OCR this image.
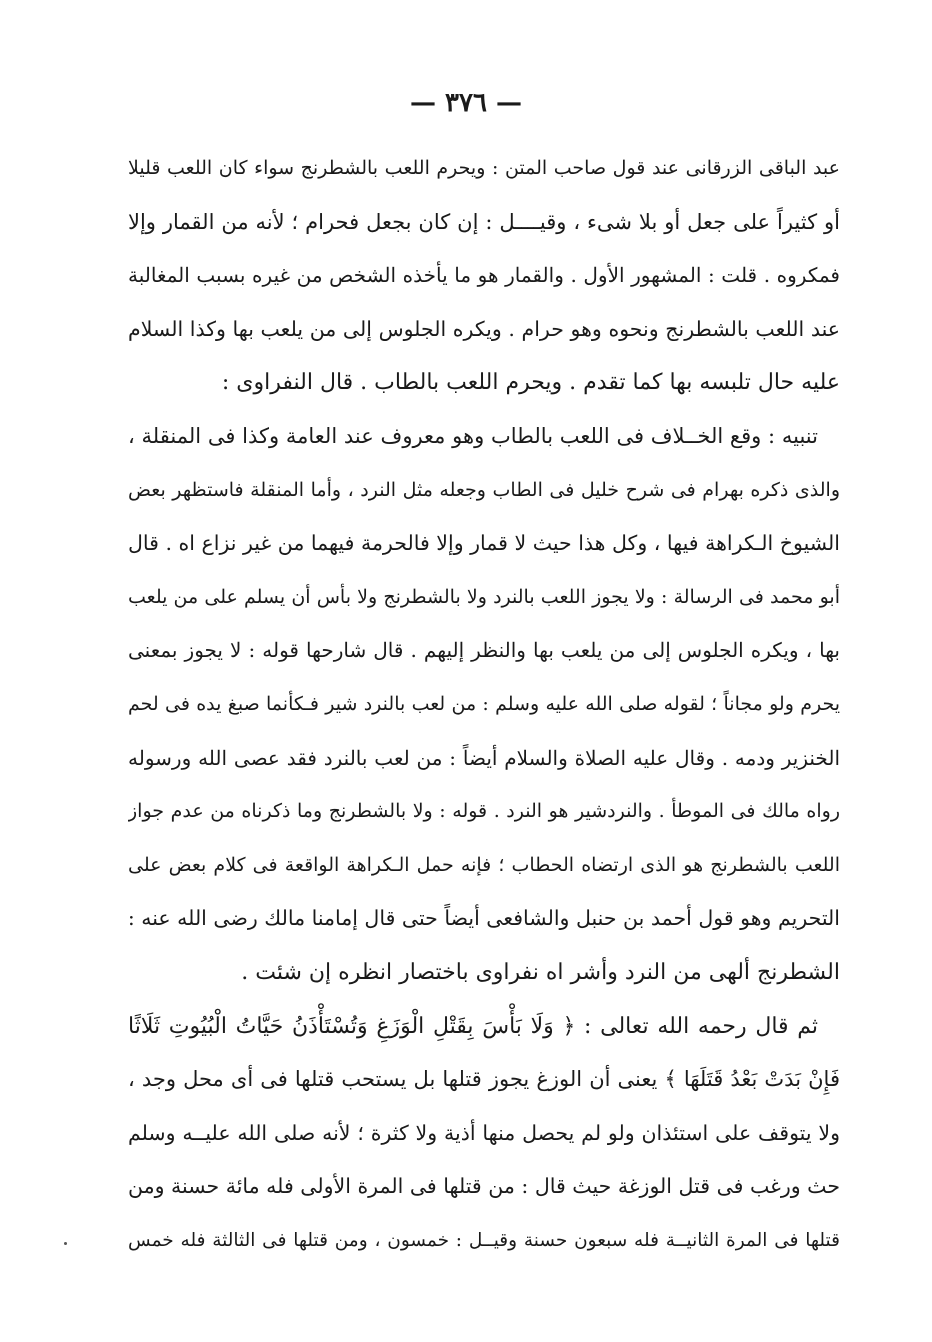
— ٣٧٦ —
عبد الباقى الزرقانى عند قول صاحب المتن : ويحرم اللعب بالشطرنج سواء كان اللعب قليلا
أو كثيراً على جعل أو بلا شىء ، وقيــــل : إن كان بجعل فحرام ؛ لأنه من القمار وإلا
فمكروه . قلت : المشهور الأول . والقمار هو ما يأخذه الشخص من غيره بسبب المغالبة
عند اللعب بالشطرنج ونحوه وهو حرام . ويكره الجلوس إلى من يلعب بها وكذا السلام
عليه حال تلبسه بها كما تقدم . ويحرم اللعب بالطاب . قال النفراوى :
تنبيه : وقع الخــلاف فى اللعب بالطاب وهو معروف عند العامة وكذا فى المنقلة ،
والذى ذكره بهرام فى شرح خليل فى الطاب وجعله مثل النرد ، وأما المنقلة فاستظهر بعض
الشيوخ الـكراهة فيها ، وكل هذا حيث لا قمار وإلا فالحرمة فيهما من غير نزاع اه . قال
أبو محمد فى الرسالة : ولا يجوز اللعب بالنرد ولا بالشطرنج ولا بأس أن يسلم على من يلعب
بها ، ويكره الجلوس إلى من يلعب بها والنظر إليهم . قال شارحها قوله : لا يجوز بمعنى
يحرم ولو مجاناً ؛ لقوله صلى الله عليه وسلم : من لعب بالنرد شير فـكأنما صبغ يده فى لحم
الخنزير ودمه . وقال عليه الصلاة والسلام أيضاً : من لعب بالنرد فقد عصى الله ورسوله
رواه مالك فى الموطأ . والنردشير هو النرد . قوله : ولا بالشطرنج وما ذكرناه من عدم جواز
اللعب بالشطرنج هو الذى ارتضاه الحطاب ؛ فإنه حمل الـكراهة الواقعة فى كلام بعض على
التحريم وهو قول أحمد بن حنبل والشافعى أيضاً حتى قال إمامنا مالك رضى الله عنه :
الشطرنج ألهى من النرد وأشر اه نفراوى باختصار انظره إن شئت .
ثم قال رحمه الله تعالى : ﴿ وَلَا بَأْسَ بِقَتْلِ الْوَزَغِ وَتُسْتَأْذَنُ حَيَّاتُ الْبُيُوتِ ثَلَاثًا
فَإِنْ بَدَتْ بَعْدُ قَتَلَهَا ﴾ يعنى أن الوزغ يجوز قتلها بل يستحب قتلها فى أى محل وجد ،
ولا يتوقف على استئذان ولو لم يحصل منها أذية ولا كثرة ؛ لأنه صلى الله عليــه وسلم
حث ورغب فى قتل الوزغة حيث قال : من قتلها فى المرة الأولى فله مائة حسنة ومن
قتلها فى المرة الثانيــة فله سبعون حسنة وقيــل : خمسون ، ومن قتلها فى الثالثة فله خمس
